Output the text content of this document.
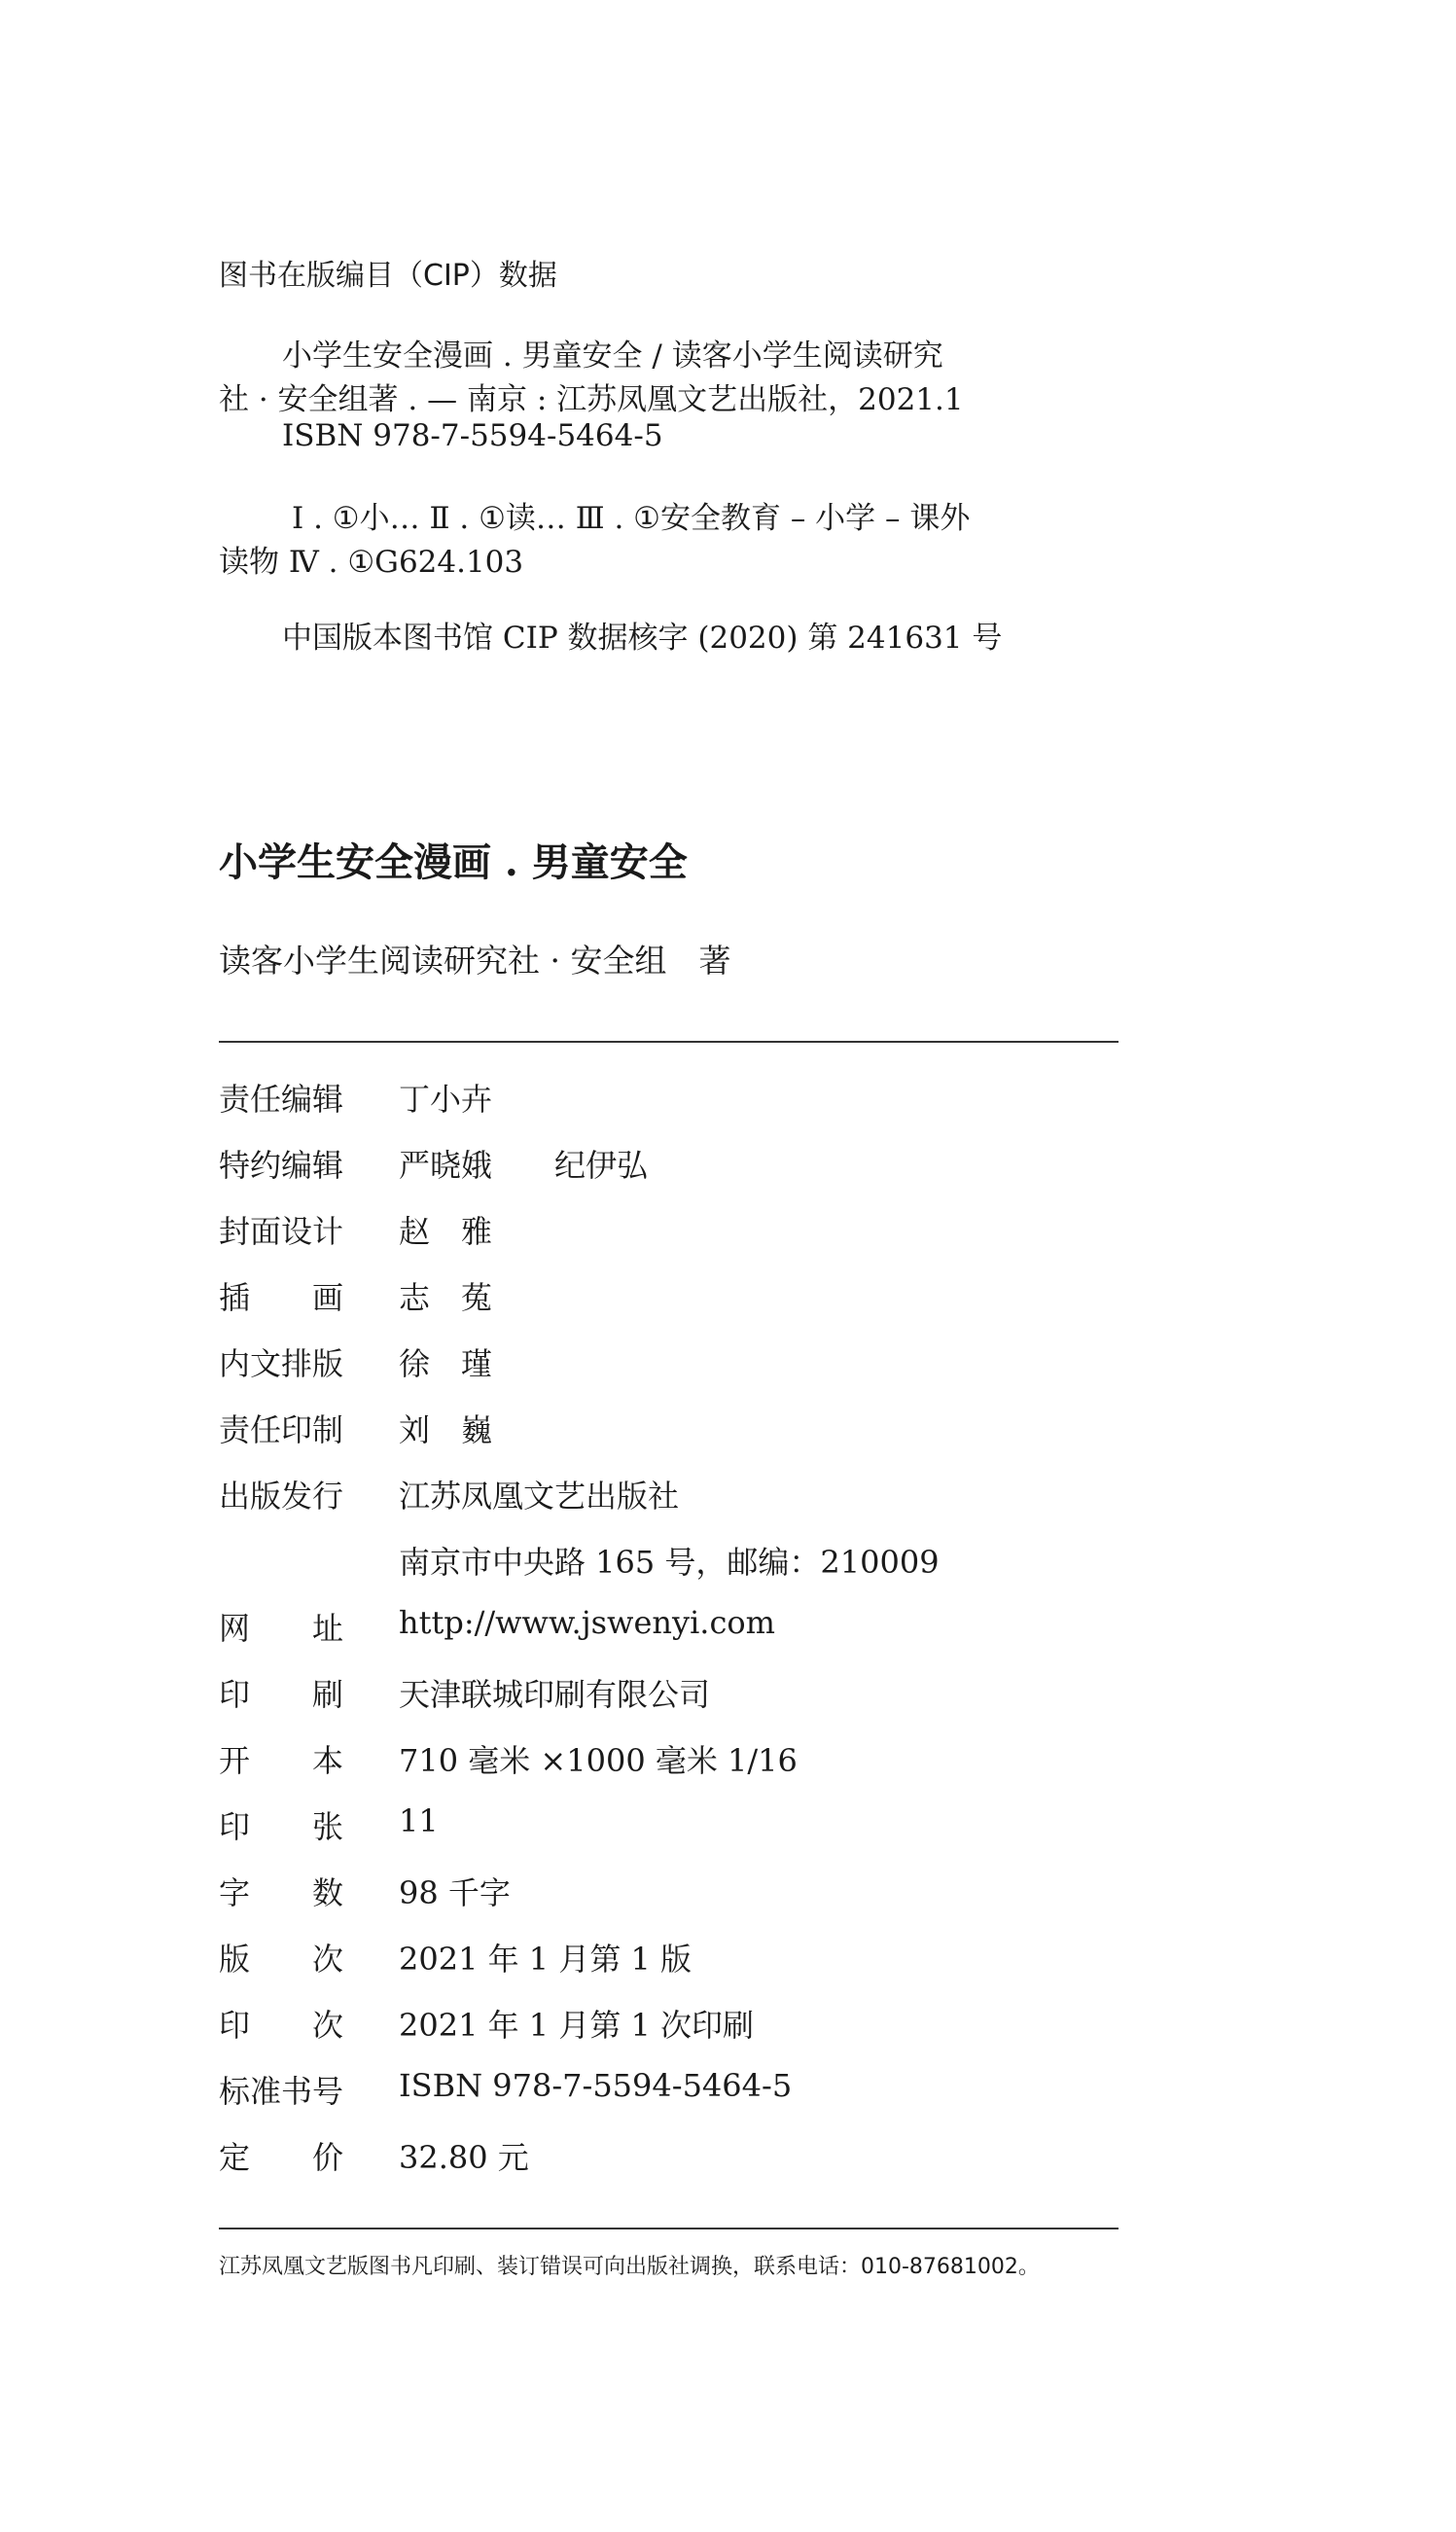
图书在版编目（CIP）数据
小学生安全漫画 . 男童安全 / 读客小学生阅读研究
社 · 安全组著 . — 南京 : 江苏凤凰文艺出版社，2021.1
ISBN 978-7-5594-5464-5
Ⅰ . ①小… Ⅱ . ①读… Ⅲ . ①安全教育 – 小学 – 课外
读物 Ⅳ . ①G624.103
中国版本图书馆 CIP 数据核字 (2020) 第 241631 号
小学生安全漫画 . 男童安全
读客小学生阅读研究社 · 安全组　著
责任编辑 丁小卉
特约编辑 严晓娥　　纪伊弘
封面设计 赵　雅
插　　画 志　菟
内文排版 徐　瑾
责任印制 刘　巍
出版发行 江苏凤凰文艺出版社
南京市中央路 165 号，邮编：210009
网　　址 http://www.jswenyi.com
印　　刷 天津联城印刷有限公司
开　　本 710 毫米 ×1000 毫米 1/16
印　　张 11
字　　数 98 千字
版　　次 2021 年 1 月第 1 版
印　　次 2021 年 1 月第 1 次印刷
标准书号 ISBN 978-7-5594-5464-5
定　　价 32.80 元
江苏凤凰文艺版图书凡印刷、装订错误可向出版社调换，联系电话：010-87681002。
